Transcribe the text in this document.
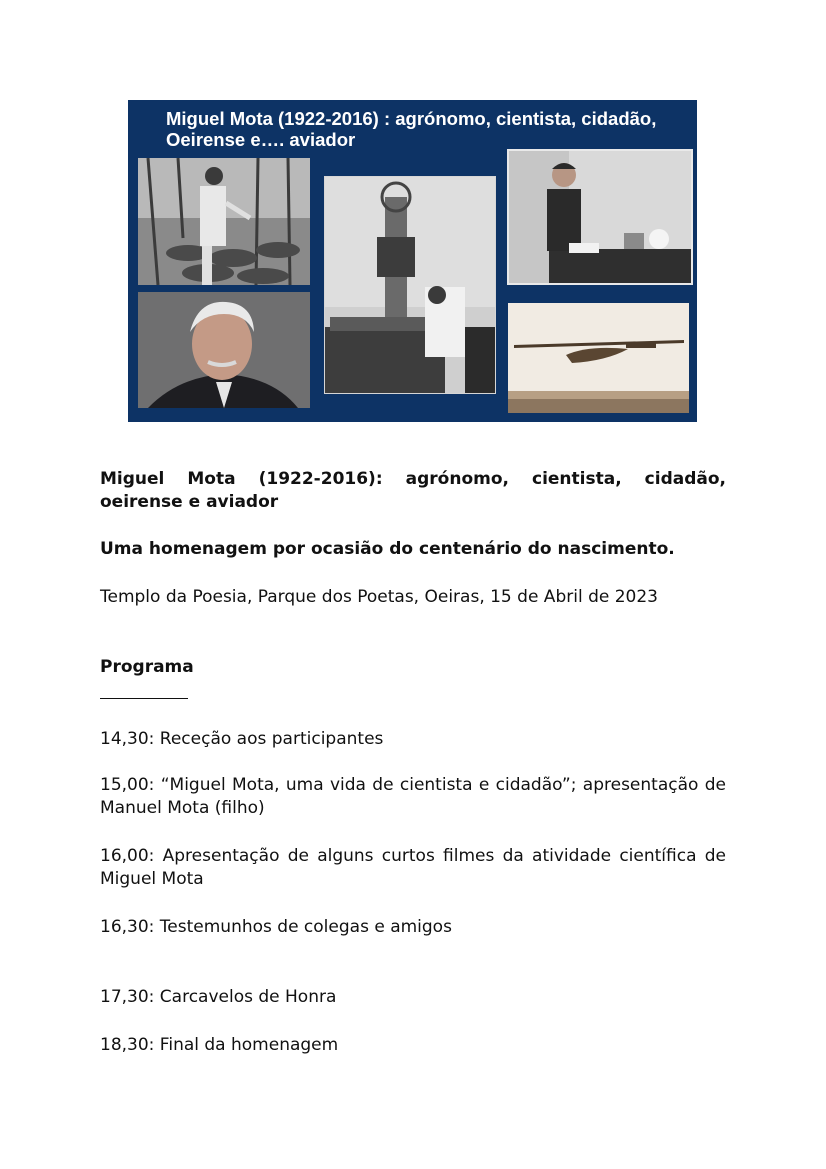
Miguel Mota (1922-2016) : agrónomo, cientista, cidadão,
Oeirense e…. aviador
Miguel Mota (1922-2016): agrónomo, cientista, cidadão, oeirense e aviador
Uma homenagem por ocasião do centenário do nascimento.
Templo da Poesia, Parque dos Poetas, Oeiras, 15 de Abril de 2023
Programa
14,30: Receção aos participantes
15,00: “Miguel Mota, uma vida de cientista e cidadão”; apresentação de Manuel Mota (filho)
16,00: Apresentação de alguns curtos filmes da atividade científica de Miguel Mota
16,30: Testemunhos de colegas e amigos
17,30: Carcavelos de Honra
18,30: Final da homenagem
